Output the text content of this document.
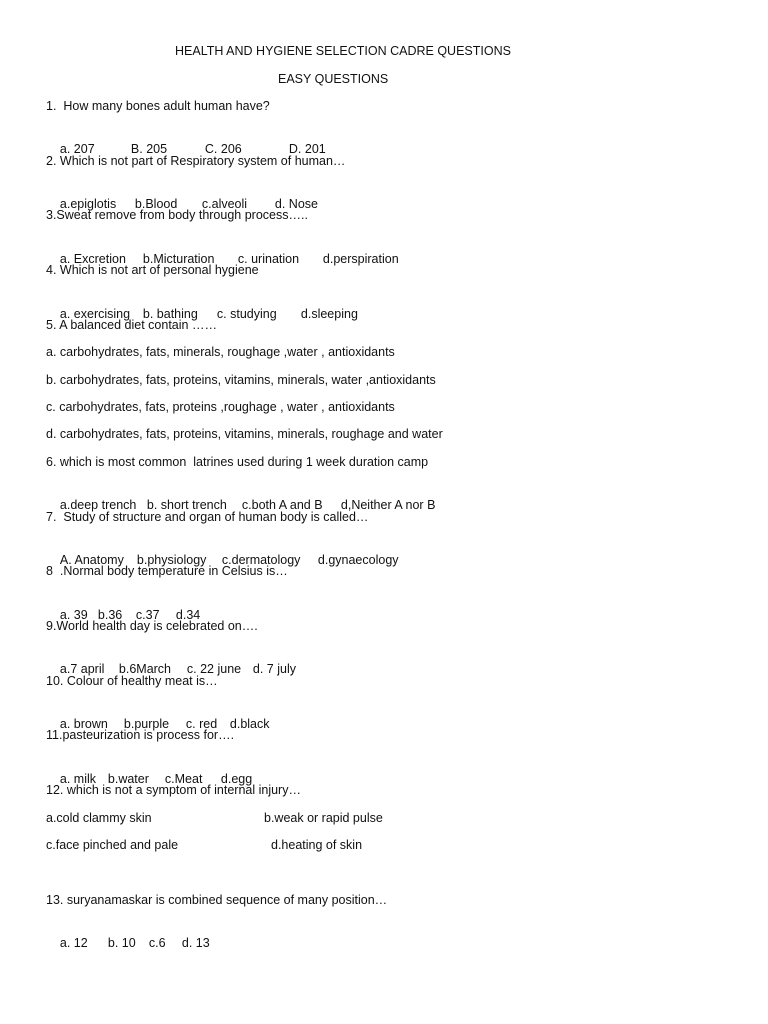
HEALTH AND HYGIENE SELECTION CADRE QUESTIONS
EASY QUESTIONS
1.  How many bones adult human have?

a. 207	B. 205	C. 206	D. 201

2. Which is not part of Respiratory system of human…

a.epiglotis b.Blood c.alveoli d. Nose

3.Sweat remove from body through process…..

a. Excretion b.Micturation c. urination d.perspiration

4. Which is not art of personal hygiene

a. exercising b. bathing c. studying d.sleeping

5. A balanced diet contain ……
a. carbohydrates, fats, minerals, roughage ,water , antioxidants
b. carbohydrates, fats, proteins, vitamins, minerals, water ,antioxidants
c. carbohydrates, fats, proteins ,roughage , water , antioxidants
d. carbohydrates, fats, proteins, vitamins, minerals, roughage and water
6. which is most common  latrines used during 1 week duration camp

a.deep trench b. short trench c.both A and B d,Neither A nor B

7.  Study of structure and organ of human body is called…

A. Anatomy b.physiology c.dermatology d.gynaecology

8  .Normal body temperature in Celsius is…

a. 39 b.36 c.37 d.34

9.World health day is celebrated on….

a.7 april b.6March c. 22 june d. 7 july

10. Colour of healthy meat is…

a. brown b.purple c. red d.black

11.pasteurization is process for….

a. milk b.water c.Meat d.egg

12. which is not a symptom of internal injury…
a.cold clammy skin	b.weak or rapid pulse
c.face pinched and pale	d.heating of skin
13. suryanamaskar is combined sequence of many position…

a. 12 b. 10 c.6 d. 13
